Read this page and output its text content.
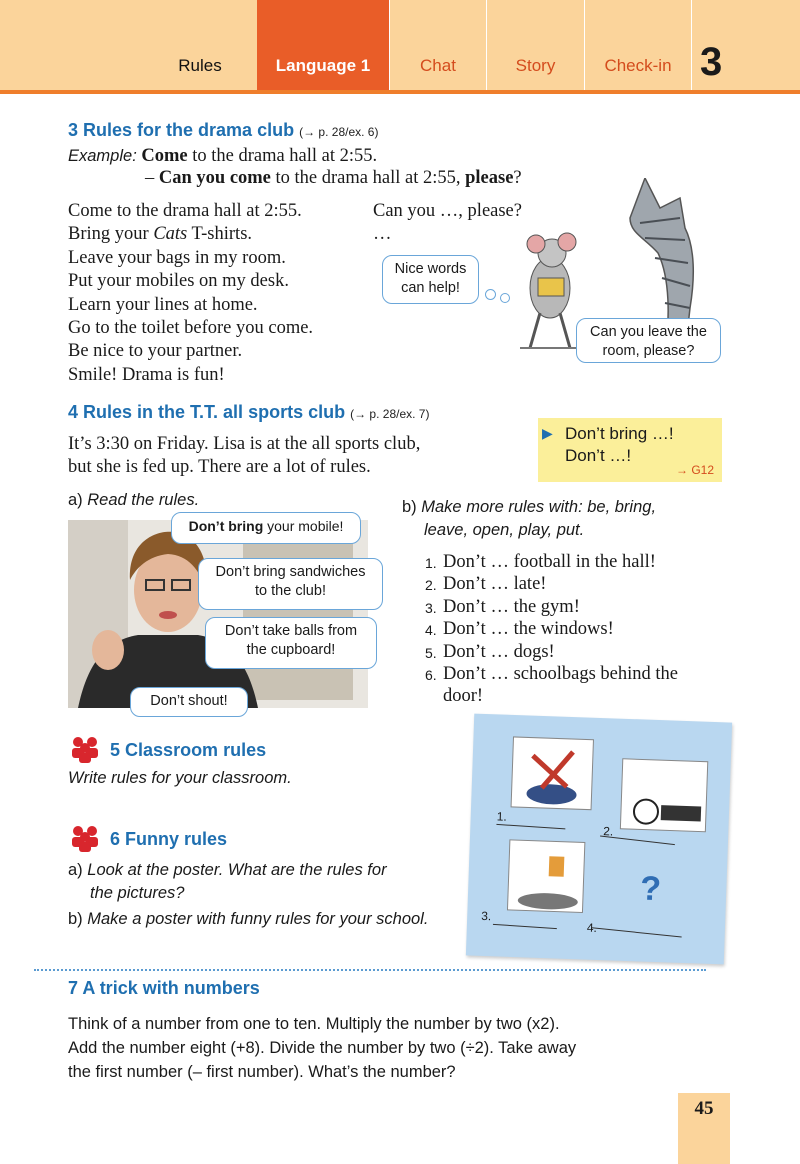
Rules	Language 1	Chat	Story	Check-in 3
3 Rules for the drama club (→ p. 28/ex. 6)
Example: Come to the drama hall at 2:55.
– Can you come to the drama hall at 2:55, please?
Come to the drama hall at 2:55.
Bring your Cats T-shirts.
Leave your bags in my room.
Put your mobiles on my desk.
Learn your lines at home.
Go to the toilet before you come.
Be nice to your partner.
Smile! Drama is fun!
Can you …, please?
…
Nice words
can help!
Can you leave the
room, please?
4 Rules in the T.T. all sports club (→ p. 28/ex. 7)
It’s 3:30 on Friday. Lisa is at the all sports club,
but she is fed up. There are a lot of rules.
▶ Don’t bring …!
Don’t …!
→ G12
a) Read the rules.
Don’t bring your mobile!
Don’t bring sandwiches
to the club!
Don’t take balls from
the cupboard!
Don’t shout!
b) Make more rules with: be, bring,
leave, open, play, put.
1. Don’t … football in the hall!
2. Don’t … late!
3. Don’t … the gym!
4. Don’t … the windows!
5. Don’t … dogs!
6. Don’t … schoolbags behind the
door!
5 Classroom rules
Write rules for your classroom.
6 Funny rules
a) Look at the poster. What are the rules for
the pictures?
b) Make a poster with funny rules for your school.
1.
2.
3.
4.
?
7 A trick with numbers
Think of a number from one to ten. Multiply the number by two (x2).
Add the number eight (+8). Divide the number by two (÷2). Take away
the first number (– first number). What’s the number?
45
